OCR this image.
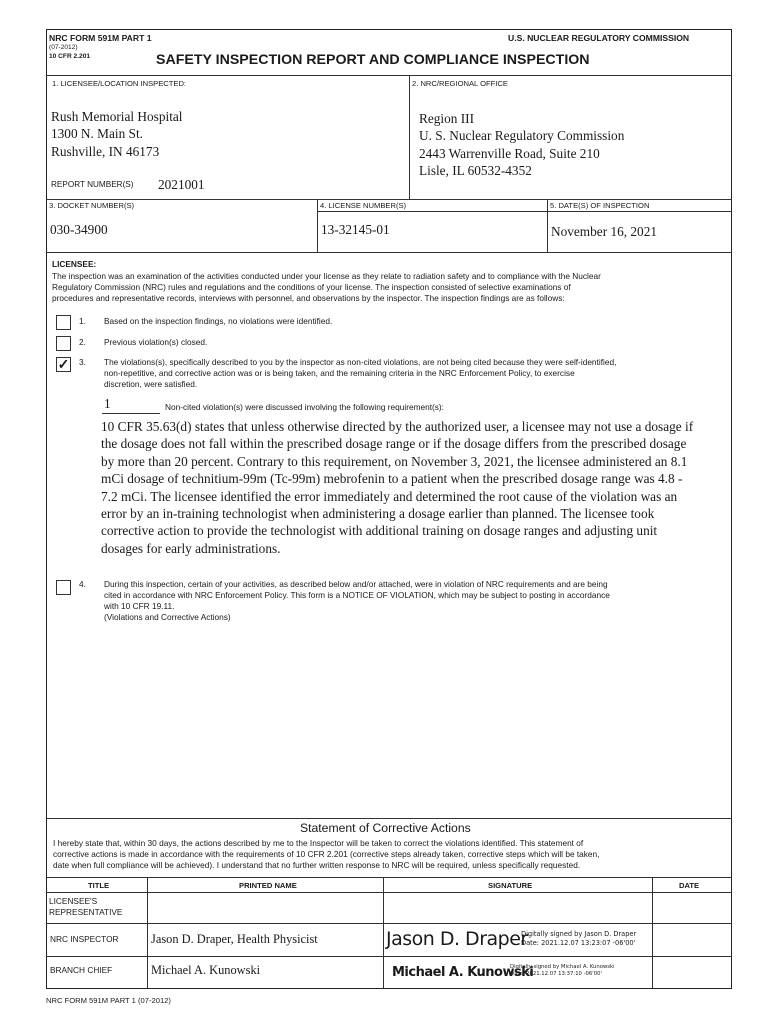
NRC FORM 591M PART 1
(07-2012)
10 CFR 2.201
U.S. NUCLEAR REGULATORY COMMISSION
SAFETY INSPECTION REPORT AND COMPLIANCE INSPECTION
1. LICENSEE/LOCATION INSPECTED:	2. NRC/REGIONAL OFFICE
Rush Memorial Hospital
1300 N. Main St.
Rushville, IN 46173
Region III
U. S. Nuclear Regulatory Commission
2443 Warrenville Road, Suite 210
Lisle, IL 60532-4352
REPORT NUMBER(S) 2021001
3. DOCKET NUMBER(S)	4. LICENSE NUMBER(S)	5. DATE(S) OF INSPECTION
030-34900	13-32145-01	November 16, 2021
LICENSEE:
The inspection was an examination of the activities conducted under your license as they relate to radiation safety and to compliance with the Nuclear
Regulatory Commission (NRC) rules and regulations and the conditions of your license. The inspection consisted of selective examinations of
procedures and representative records, interviews with personnel, and observations by the inspector. The inspection findings are as follows:
1. Based on the inspection findings, no violations were identified.
2. Previous violation(s) closed.
✓ 3. The violations(s), specifically described to you by the inspector as non-cited violations, are not being cited because they were self-identified,
non-repetitive, and corrective action was or is being taken, and the remaining criteria in the NRC Enforcement Policy, to exercise
discretion, were satisfied.
1	Non-cited violation(s) were discussed involving the following requirement(s):
10 CFR 35.63(d) states that unless otherwise directed by the authorized user, a licensee may not use a dosage if
the dosage does not fall within the prescribed dosage range or if the dosage differs from the prescribed dosage
by more than 20 percent. Contrary to this requirement, on November 3, 2021, the licensee administered an 8.1
mCi dosage of technitium-99m (Tc-99m) mebrofenin to a patient when the prescribed dosage range was 4.8 -
7.2 mCi. The licensee identified the error immediately and determined the root cause of the violation was an
error by an in-training technologist when administering a dosage earlier than planned. The licensee took
corrective action to provide the technologist with additional training on dosage ranges and adjusting unit
dosages for early administrations.
4. During this inspection, certain of your activities, as described below and/or attached, were in violation of NRC requirements and are being
cited in accordance with NRC Enforcement Policy. This form is a NOTICE OF VIOLATION, which may be subject to posting in accordance
with 10 CFR 19.11.
(Violations and Corrective Actions)
Statement of Corrective Actions
I hereby state that, within 30 days, the actions described by me to the Inspector will be taken to correct the violations identified. This statement of
corrective actions is made in accordance with the requirements of 10 CFR 2.201 (corrective steps already taken, corrective steps which will be taken,
date when full compliance will be achieved). I understand that no further written response to NRC will be required, unless specifically requested.
TITLE	PRINTED NAME	SIGNATURE	DATE
LICENSEE'S
REPRESENTATIVE
NRC INSPECTOR	Jason D. Draper, Health Physicist	Jason D. Draper
Digitally signed by Jason D. Draper
Date: 2021.12.07 13:23:07 -06'00'
BRANCH CHIEF	Michael A. Kunowski	Michael A. Kunowski
Digitally signed by Michael A. Kunowski
Date: 2021.12.07 13:37:10 -06'00'
NRC FORM 591M PART 1 (07-2012)
